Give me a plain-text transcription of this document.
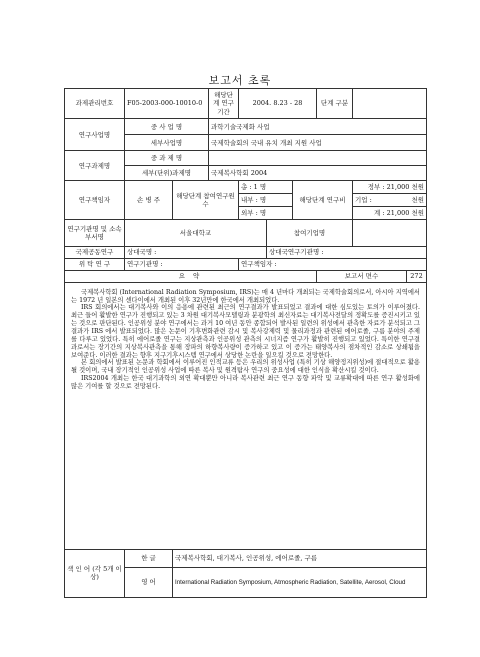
보고서 초록
과제관리번호	F05-2003-000-10010-0		해당단계 연구기간	2004. 8.23 - 28			단계 구분		
연구사업명	중 사 업 명		과학기술국제화 사업						
	세부사업명		국제학술회의 국내 유치 개최 지원 사업						
연구과제명	중 과 제 명								
	세부(단위)과제명		국제복사학회 2004						
연구책임자	손 병 주	해당단계 참여연구원 수		총 : 1 명		해당단계 연구비		정부 : 21,000 천원	
				내부 : 명				기업 :	천원
				외부 : 명				계 : 21,000 천원	
연구기관명 및 소속부서명	서울대학교				참여기업명				
국제공동연구	상대국명 :				상대국연구기관명 :				
위 탁 연 구	연구기관명 :			연구책임자 :					
요 약							보고서 면수		272

국제복사학회 (International Radiation Symposium, IRS)는 매 4 년마다 개최되는 국제학술회의로서, 아시아 지역에서는 1972 년 일본의 센다이에서 개최된 이후 32년만에 한국에서 개최되었다.

IRS 회의에서는 대기복사와 이의 응용에 관련된 최근의 연구결과가 발표되었고 결과에 대한 심도있는 토의가 이루어졌다. 최근 들어 활발한 연구가 진행되고 있는 3 차원 대기복사모델링과 분광학의 최신자료는 대기복사전달의 정확도를 증진시키고 있는 것으로 판단된다. 인공위성 분야 연구에서는 과거 10 여년 동안 종합되어 발사된 일련의 위성에서 관측한 자료가 분석되고 그 결과가 IRS 에서 발표되었다. 많은 논문이 기후변화관련 감시 및 복사강제력 및 물리과정과 관련된 에어로졸, 구름 분야의 주제를 다루고 있었다. 특히 에어로졸 연구는 지상관측과 인공위성 관측의 시너지즘 연구가 활발히 진행되고 있었다. 특이한 연구결과로서는 장기간의 지상복사관측을 통해 장파의 하향복사량이 증가하고 있고 이 증가는 태양복사의 점차적인 감소로 상쇄됨을 보여준다. 이러한 결과는 향후 지구기후시스템 연구에서 상당한 논란을 일으킬 것으로 전망한다.

본 회의에서 발표된 논문과 학회에서 이루어진 인적교류 등은 우리의 위성사업 (특히 기상 해양정지위성)에 절대적으로 활용될 것이며, 국내 장기적인 인공위성 사업에 따른 복사 및 원격탐사 연구의 중요성에 대한 인식을 확산시킬 것이다.

IRS2004 개최는 한국 대기과학의 외연 확대뿐만 아니라 복사관련 최근 연구 동향 파악 및 교류확대에 따른 연구 활성화에 많은 기여를 할 것으로 전망된다.									

색 인 어 (각 5개 이상)	한 글	국제복사학회, 대기복사, 인공위성, 에어로졸, 구름							
	영 어	International Radiation Symposium, Atmospheric Radiation, Satellite, Aerosol, Cloud							
